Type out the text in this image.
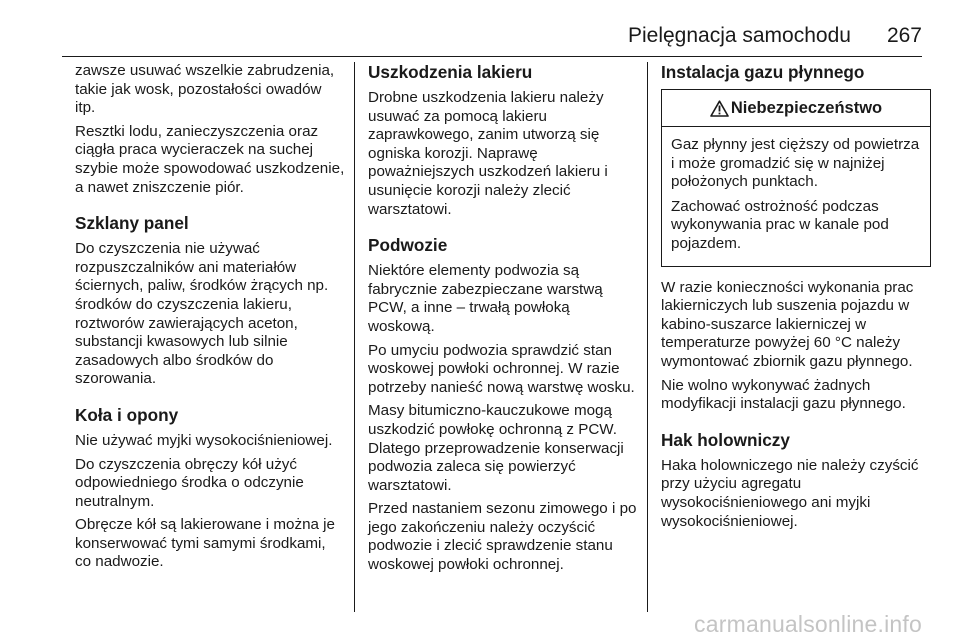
Pielęgnacja samochodu 267

zawsze usuwać wszelkie zabrudzenia, takie jak wosk, pozostałości owadów itp.

Resztki lodu, zanieczyszczenia oraz ciągła praca wycieraczek na suchej szybie może spowodować uszkodzenie, a nawet zniszczenie piór.

Szklany panel

Do czyszczenia nie używać rozpuszczalników ani materiałów ściernych, paliw, środków żrących np. środków do czyszczenia lakieru, roztworów zawierających aceton, substancji kwasowych lub silnie zasadowych albo środków do szorowania.

Koła i opony

Nie używać myjki wysokociśnieniowej.

Do czyszczenia obręczy kół użyć odpowiedniego środka o odczynie neutralnym.

Obręcze kół są lakierowane i można je konserwować tymi samymi środkami, co nadwozie.

Uszkodzenia lakieru

Drobne uszkodzenia lakieru należy usuwać za pomocą lakieru zaprawkowego, zanim utworzą się ogniska korozji. Naprawę poważniejszych uszkodzeń lakieru i usunięcie korozji należy zlecić warsztatowi.

Podwozie

Niektóre elementy podwozia są fabrycznie zabezpieczane warstwą PCW, a inne – trwałą powłoką woskową.

Po umyciu podwozia sprawdzić stan woskowej powłoki ochronnej. W razie potrzeby nanieść nową warstwę wosku.

Masy bitumiczno-kauczukowe mogą uszkodzić powłokę ochronną z PCW. Dlatego przeprowadzenie konserwacji podwozia zaleca się powierzyć warsztatowi.

Przed nastaniem sezonu zimowego i po jego zakończeniu należy oczyścić podwozie i zlecić sprawdzenie stanu woskowej powłoki ochronnej.

Instalacja gazu płynnego
Niebezpieczeństwo

Gaz płynny jest cięższy od powietrza i może gromadzić się w najniżej położonych punktach.

Zachować ostrożność podczas wykonywania prac w kanale pod pojazdem.

W razie konieczności wykonania prac lakierniczych lub suszenia pojazdu w kabino-suszarce lakierniczej w temperaturze powyżej 60 °C należy wymontować zbiornik gazu płynnego.

Nie wolno wykonywać żadnych modyfikacji instalacji gazu płynnego.

Hak holowniczy

Haka holowniczego nie należy czyścić przy użyciu agregatu wysokociśnieniowego ani myjki wysokociśnieniowej.

carmanualsonline.info
